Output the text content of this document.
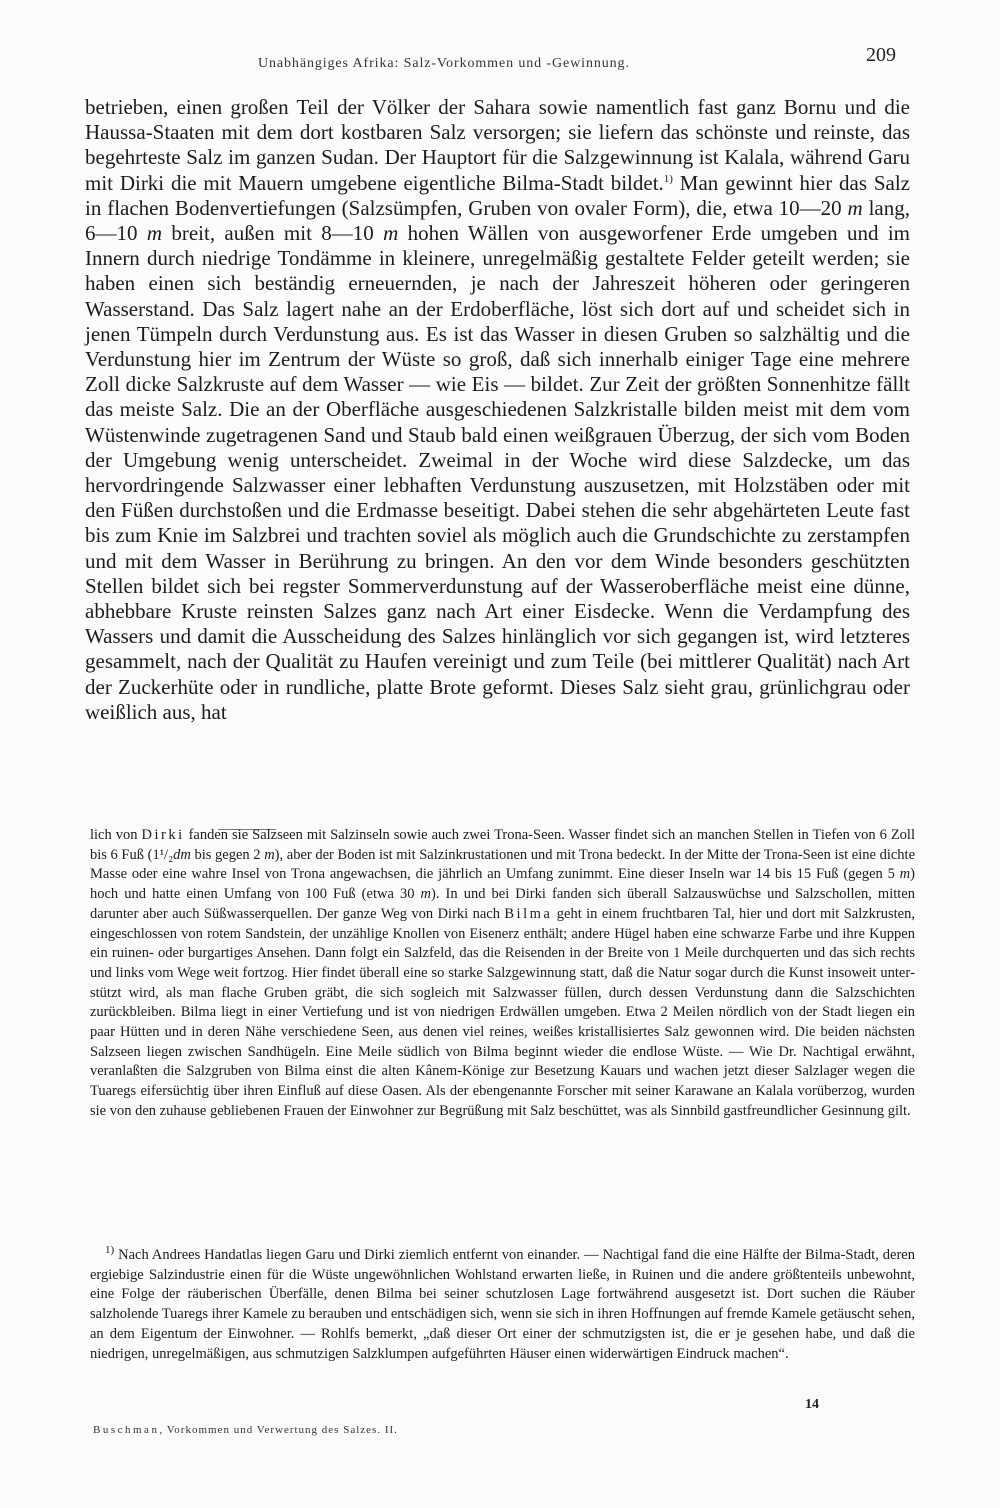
Unabhängiges Afrika: Salz-Vorkommen und -Gewinnung.	209
betrieben, einen großen Teil der Völker der Sahara sowie namentlich fast ganz Bornu und die Haussa-Staaten mit dem dort kostbaren Salz versorgen; sie liefern das schönste und reinste, das begehrteste Salz im ganzen Sudan. Der Hauptort für die Salzgewinnung ist Kalala, während Garu mit Dirki die mit Mauern umgebene eigentliche Bilma-Stadt bildet.$^{1)}$ Man gewinnt hier das Salz in flachen Bodenvertiefungen (Salzsümpfen, Gruben von ovaler Form), die, etwa 10—20 m lang, 6—10 m breit, außen mit 8—10 m hohen Wällen von ausgeworfener Erde umgeben und im Innern durch niedrige Tondämme in kleinere, unregelmäßig gestaltete Felder geteilt werden; sie haben einen sich beständig erneuernden, je nach der Jahreszeit höheren oder geringeren Wasserstand. Das Salz lagert nahe an der Erdoberfläche, löst sich dort auf und scheidet sich in jenen Tümpeln durch Verdunstung aus. Es ist das Wasser in diesen Gruben so salzhältig und die Verdunstung hier im Zentrum der Wüste so groß, daß sich innerhalb einiger Tage eine mehrere Zoll dicke Salzkruste auf dem Wasser — wie Eis — bildet. Zur Zeit der größten Sonnenhitze fällt das meiste Salz. Die an der Oberfläche ausgeschiedenen Salzkristalle bilden meist mit dem vom Wüstenwinde zugetragenen Sand und Staub bald einen weißgrauen Überzug, der sich vom Boden der Umgebung wenig unterscheidet. Zweimal in der Woche wird diese Salzdecke, um das hervordringende Salzwasser einer lebhaften Verdunstung auszusetzen, mit Holzstäben oder mit den Füßen durchstoßen und die Erdmasse beseitigt. Dabei stehen die sehr abgehärteten Leute fast bis zum Knie im Salzbrei und trachten soviel als möglich auch die Grundschichte zu zerstampfen und mit dem Wasser in Berührung zu bringen. An den vor dem Winde besonders geschützten Stellen bildet sich bei regster Sommerverdunstung auf der Wasseroberfläche meist eine dünne, abhebbare Kruste reinsten Salzes ganz nach Art einer Eisdecke. Wenn die Verdampfung des Wassers und damit die Ausscheidung des Salzes hinlänglich vor sich gegangen ist, wird letzteres gesammelt, nach der Qualität zu Haufen vereinigt und zum Teile (bei mittlerer Qualität) nach Art der Zuckerhüte oder in rundliche, platte Brote geformt. Dieses Salz sieht grau, grünlichgrau oder weißlich aus, hat
lich von Dirki fanden sie Salzseen mit Salzinseln sowie auch zwei Trona-Seen. Wasser findet sich an manchen Stellen in Tiefen von 6 Zoll bis 6 Fuß (1¹/₂dm bis gegen 2 m), aber der Boden ist mit Salzinkrustationen und mit Trona bedeckt. In der Mitte der Trona-Seen ist eine dichte Masse oder eine wahre Insel von Trona angewachsen, die jährlich an Umfang zunimmt. Eine dieser Inseln war 14 bis 15 Fuß (gegen 5 m) hoch und hatte einen Umfang von 100 Fuß (etwa 30 m). In und bei Dirki fanden sich überall Salzauswüchse und Salzschollen, mitten darunter aber auch Süßwasserquellen. Der ganze Weg von Dirki nach Bilma geht in einem fruchtbaren Tal, hier und dort mit Salzkrusten, eingeschlossen von rotem Sandstein, der unzählige Knollen von Eisenerz enthält; andere Hügel haben eine schwarze Farbe und ihre Kuppen ein ruinen- oder burgartiges Ansehen. Dann folgt ein Salzfeld, das die Reisenden in der Breite von 1 Meile durchquerten und das sich rechts und links vom Wege weit fortzog. Hier findet überall eine so starke Salzgewinnung statt, daß die Natur sogar durch die Kunst insoweit unterstützt wird, als man flache Gruben gräbt, die sich sogleich mit Salzwasser füllen, durch dessen Verdunstung dann die Salzschichten zurückbleiben. Bilma liegt in einer Vertiefung und ist von niedrigen Erdwällen umgeben. Etwa 2 Meilen nördlich von der Stadt liegen ein paar Hütten und in deren Nähe verschiedene Seen, aus denen viel reines, weißes kristallisiertes Salz gewonnen wird. Die beiden nächsten Salzseen liegen zwischen Sandhügeln. Eine Meile südlich von Bilma beginnt wieder die endlose Wüste. — Wie Dr. Nachtigal erwähnt, veranlaßten die Salzgruben von Bilma einst die alten Kânem-Könige zur Besetzung Kauars und wachen jetzt dieser Salzlager wegen die Tuaregs eifersüchtig über ihren Einfluß auf diese Oasen. Als der ebengenannte Forscher mit seiner Karawane an Kalala vorüberzog, wurden sie von den zuhause gebliebenen Frauen der Einwohner zur Begrüßung mit Salz beschüttet, was als Sinnbild gastfreundlicher Gesinnung gilt.
$^{1)}$ Nach Andrees Handatlas liegen Garu und Dirki ziemlich entfernt von einander. — Nachtigal fand die eine Hälfte der Bilma-Stadt, deren ergiebige Salzindustrie einen für die Wüste ungewöhnlichen Wohlstand erwarten ließe, in Ruinen und die andere größtenteils unbewohnt, eine Folge der räuberischen Überfälle, denen Bilma bei seiner schutzlosen Lage fortwährend ausgesetzt ist. Dort suchen die Räuber salzholende Tuaregs ihrer Kamele zu berauben und entschädigen sich, wenn sie sich in ihren Hoffnungen auf fremde Kamele getäuscht sehen, an dem Eigentum der Einwohner. — Rohlfs bemerkt, „daß dieser Ort einer der schmutzigsten ist, die er je gesehen habe, und daß die niedrigen, unregelmäßigen, aus schmutzigen Salzklumpen aufgeführten Häuser einen widerwärtigen Eindruck machen“.
Buschman, Vorkommen und Verwertung des Salzes. II.
14
